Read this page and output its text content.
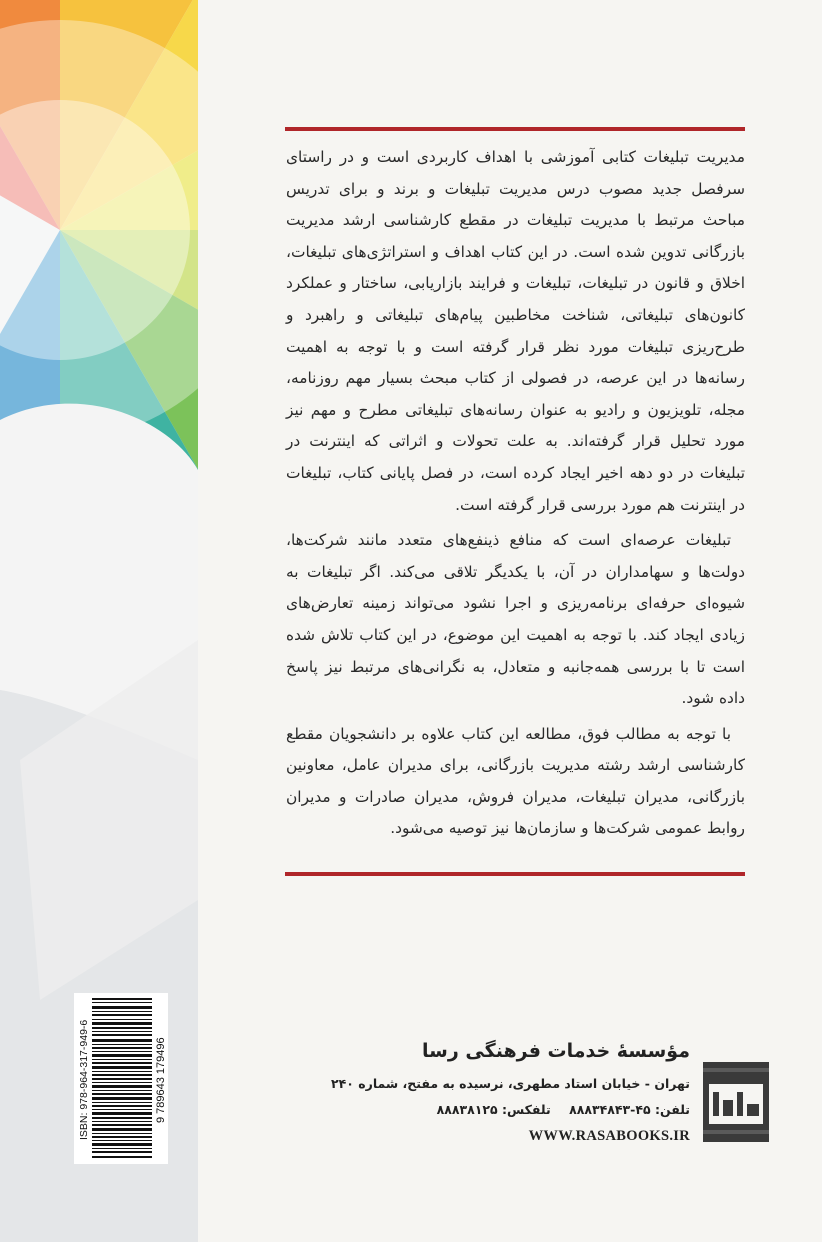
مدیریت تبلیغات کتابی آموزشی با اهداف کاربردی است و در راستای سرفصل جدید مصوب درس مدیریت تبلیغات و برند و برای تدریس مباحث مرتبط با مدیریت تبلیغات در مقطع کارشناسی ارشد مدیریت بازرگانی تدوین شده است. در این کتاب اهداف و استراتژی‌های تبلیغات، اخلاق و قانون در تبلیغات، تبلیغات و فرایند بازاریابی، ساختار و عملکرد کانون‌های تبلیغاتی، شناخت مخاطبین پیام‌های تبلیغاتی و راهبرد و طرح‌ریزی تبلیغات مورد نظر قرار گرفته است و با توجه به اهمیت رسانه‌ها در این عرصه، در فصولی از کتاب مبحث بسیار مهم روزنامه، مجله، تلویزیون و رادیو به عنوان رسانه‌های تبلیغاتی مطرح و مهم نیز مورد تحلیل قرار گرفته‌اند. به علت تحولات و اثراتی که اینترنت در تبلیغات در دو دهه اخیر ایجاد کرده است، در فصل پایانی کتاب، تبلیغات در اینترنت هم مورد بررسی قرار گرفته است.

تبلیغات عرصه‌ای است که منافع ذینفع‌های متعدد مانند شرکت‌ها، دولت‌ها و سهامداران در آن، با یکدیگر تلاقی می‌کند. اگر تبلیغات به شیوه‌ای حرفه‌ای برنامه‌ریزی و اجرا نشود می‌تواند زمینه تعارض‌های زیادی ایجاد کند. با توجه به اهمیت این موضوع، در این کتاب تلاش شده است تا با بررسی همه‌جانبه و متعادل، به نگرانی‌های مرتبط نیز پاسخ داده شود.

با توجه به مطالب فوق، مطالعه این کتاب علاوه بر دانشجویان مقطع کارشناسی ارشد رشته مدیریت بازرگانی، برای مدیران عامل، معاونین بازرگانی، مدیران تبلیغات، مدیران فروش، مدیران صادرات و مدیران روابط عمومی شرکت‌ها و سازمان‌ها نیز توصیه می‌شود.

ISBN: 978-964-317-949-6	9 789643 179496	مؤسسهٔ خدمات فرهنگی رسا
تهران - خیابان استاد مطهری، نرسیده به مفتح، شماره ۲۴۰
تلفن: ۴۵-۸۸۸۳۴۸۴۳ تلفکس: ۸۸۸۳۸۱۲۵
WWW.RASABOOKS.IR
